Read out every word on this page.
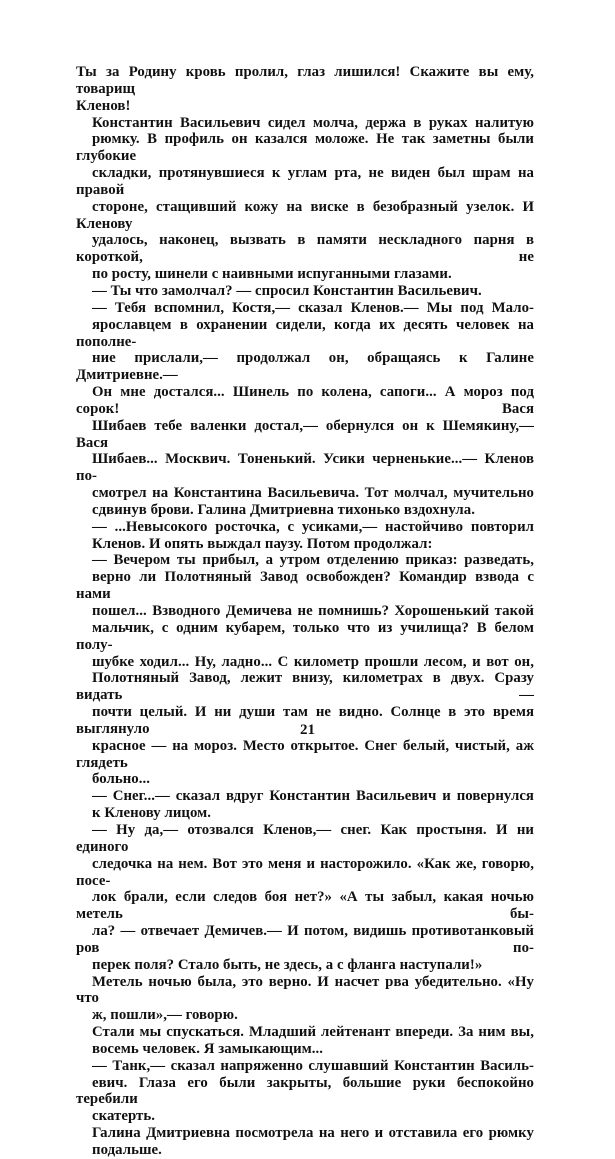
Ты за Родину кровь пролил, глаз лишился! Скажите вы ему, товарищ
Кленов!

Константин Васильевич сидел молча, держа в руках налитую
рюмку. В профиль он казался моложе. Не так заметны были глубокие
складки, протянувшиеся к углам рта, не виден был шрам на правой
стороне, стащивший кожу на виске в безобразный узелок. И Кленову
удалось, наконец, вызвать в памяти нескладного парня в короткой, не
по росту, шинели с наивными испуганными глазами.

— Ты что замолчал? — спросил Константин Васильевич.

— Тебя вспомнил, Костя,— сказал Кленов.— Мы под Мало-
ярославцем в охранении сидели, когда их десять человек на пополне-
ние прислали,— продолжал он, обращаясь к Галине Дмитриевне.—
Он мне достался... Шинель по колена, сапоги... А мороз под сорок! Вася
Шибаев тебе валенки достал,— обернулся он к Шемякину,— Вася
Шибаев... Москвич. Тоненький. Усики черненькие...— Кленов по-
смотрел на Константина Васильевича. Тот молчал, мучительно
сдвинув брови. Галина Дмитриевна тихонько вздохнула.

— ...Невысокого росточка, с усиками,— настойчиво повторил
Кленов. И опять выждал паузу. Потом продолжал:

— Вечером ты прибыл, а утром отделению приказ: разведать,
верно ли Полотняный Завод освобожден? Командир взвода с нами
пошел... Взводного Демичева не помнишь? Хорошенький такой
мальчик, с одним кубарем, только что из училища? В белом полу-
шубке ходил... Ну, ладно... С километр прошли лесом, и вот он,
Полотняный Завод, лежит внизу, километрах в двух. Сразу видать —
почти целый. И ни души там не видно. Солнце в это время выглянуло
красное — на мороз. Место открытое. Снег белый, чистый, аж глядеть
больно...

— Снег...— сказал вдруг Константин Васильевич и повернулся
к Кленову лицом.

— Ну да,— отозвался Кленов,— снег. Как простыня. И ни единого
следочка на нем. Вот это меня и насторожило. «Как же, говорю, посе-
лок брали, если следов боя нет?» «А ты забыл, какая ночью метель бы-
ла? — отвечает Демичев.— И потом, видишь противотанковый ров по-
перек поля? Стало быть, не здесь, а с фланга наступали!»

Метель ночью была, это верно. И насчет рва убедительно. «Ну что
ж, пошли»,— говорю.

Стали мы спускаться. Младший лейтенант впереди. За ним вы,
восемь человек. Я замыкающим...

— Танк,— сказал напряженно слушавший Константин Василь-
евич. Глаза его были закрыты, большие руки беспокойно теребили
скатерть.

Галина Дмитриевна посмотрела на него и отставила его рюмку
подальше.

21
